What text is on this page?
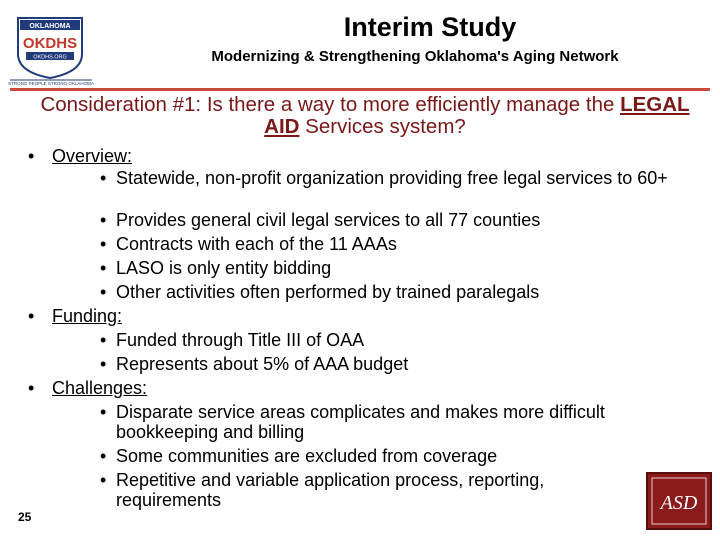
OKLAHOMA
OKDHS
OKDHS.ORG
STRONG PEOPLE STRONG OKLAHOMA
Interim Study
Modernizing & Strengthening Oklahoma's Aging Network
Consideration #1: Is there a way to more efficiently manage the LEGAL AID Services system?
• Overview:
• Statewide, non-profit organization providing free legal services to 60+
• Provides general civil legal services to all 77 counties
• Contracts with each of the 11 AAAs
• LASO is only entity bidding
• Other activities often performed by trained paralegals
• Funding:
• Funded through Title III of OAA
• Represents about 5% of AAA budget
• Challenges:
• Disparate service areas complicates and makes more difficult bookkeeping and billing
• Some communities are excluded from coverage
• Repetitive and variable application process, reporting, requirements
25
ASD
